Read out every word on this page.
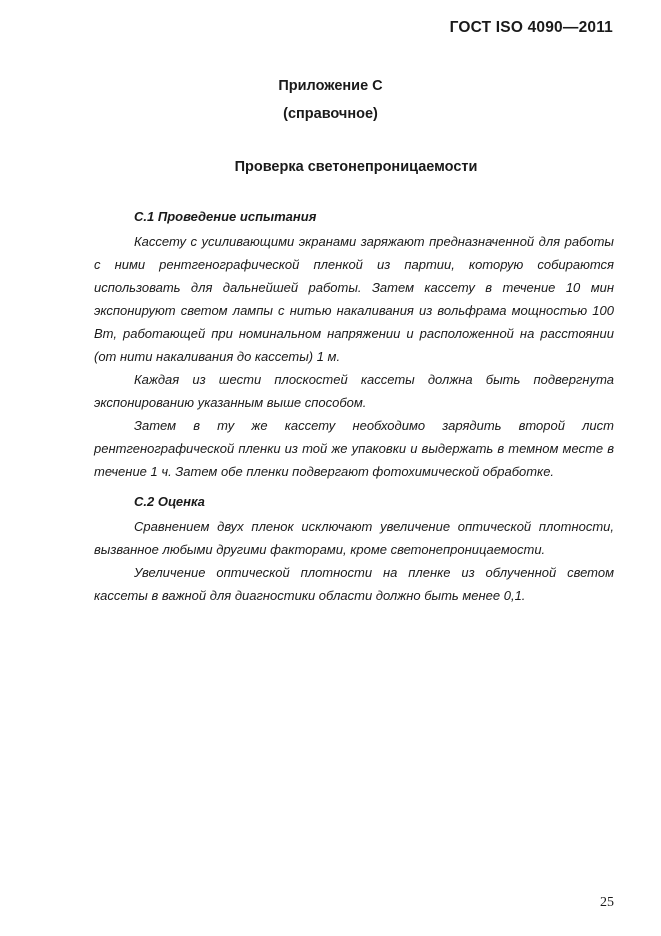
ГОСТ ISO 4090—2011
Приложение С
(справочное)
Проверка светонепроницаемости
С.1 Проведение испытания

Кассету с усиливающими экранами заряжают предназначенной для работы с ними рентгенографической пленкой из партии, которую собираются использовать для дальнейшей работы. Затем кассету в течение 10 мин экспонируют светом лампы с нитью накаливания из вольфрама мощностью 100 Вт, работающей при номинальном напряжении и расположенной на расстоянии (от нити накаливания до кассеты) 1 м.

Каждая из шести плоскостей кассеты должна быть подвергнута экспонированию указанным выше способом.

Затем в ту же кассету необходимо зарядить второй лист рентгенографической пленки из той же упаковки и выдержать в темном месте в течение 1 ч. Затем обе пленки подвергают фотохимической обработке.

С.2 Оценка

Сравнением двух пленок исключают увеличение оптической плотности, вызванное любыми другими факторами, кроме светонепроницаемости.

Увеличение оптической плотности на пленке из облученной светом кассеты в важной для диагностики области должно быть менее 0,1.

25
